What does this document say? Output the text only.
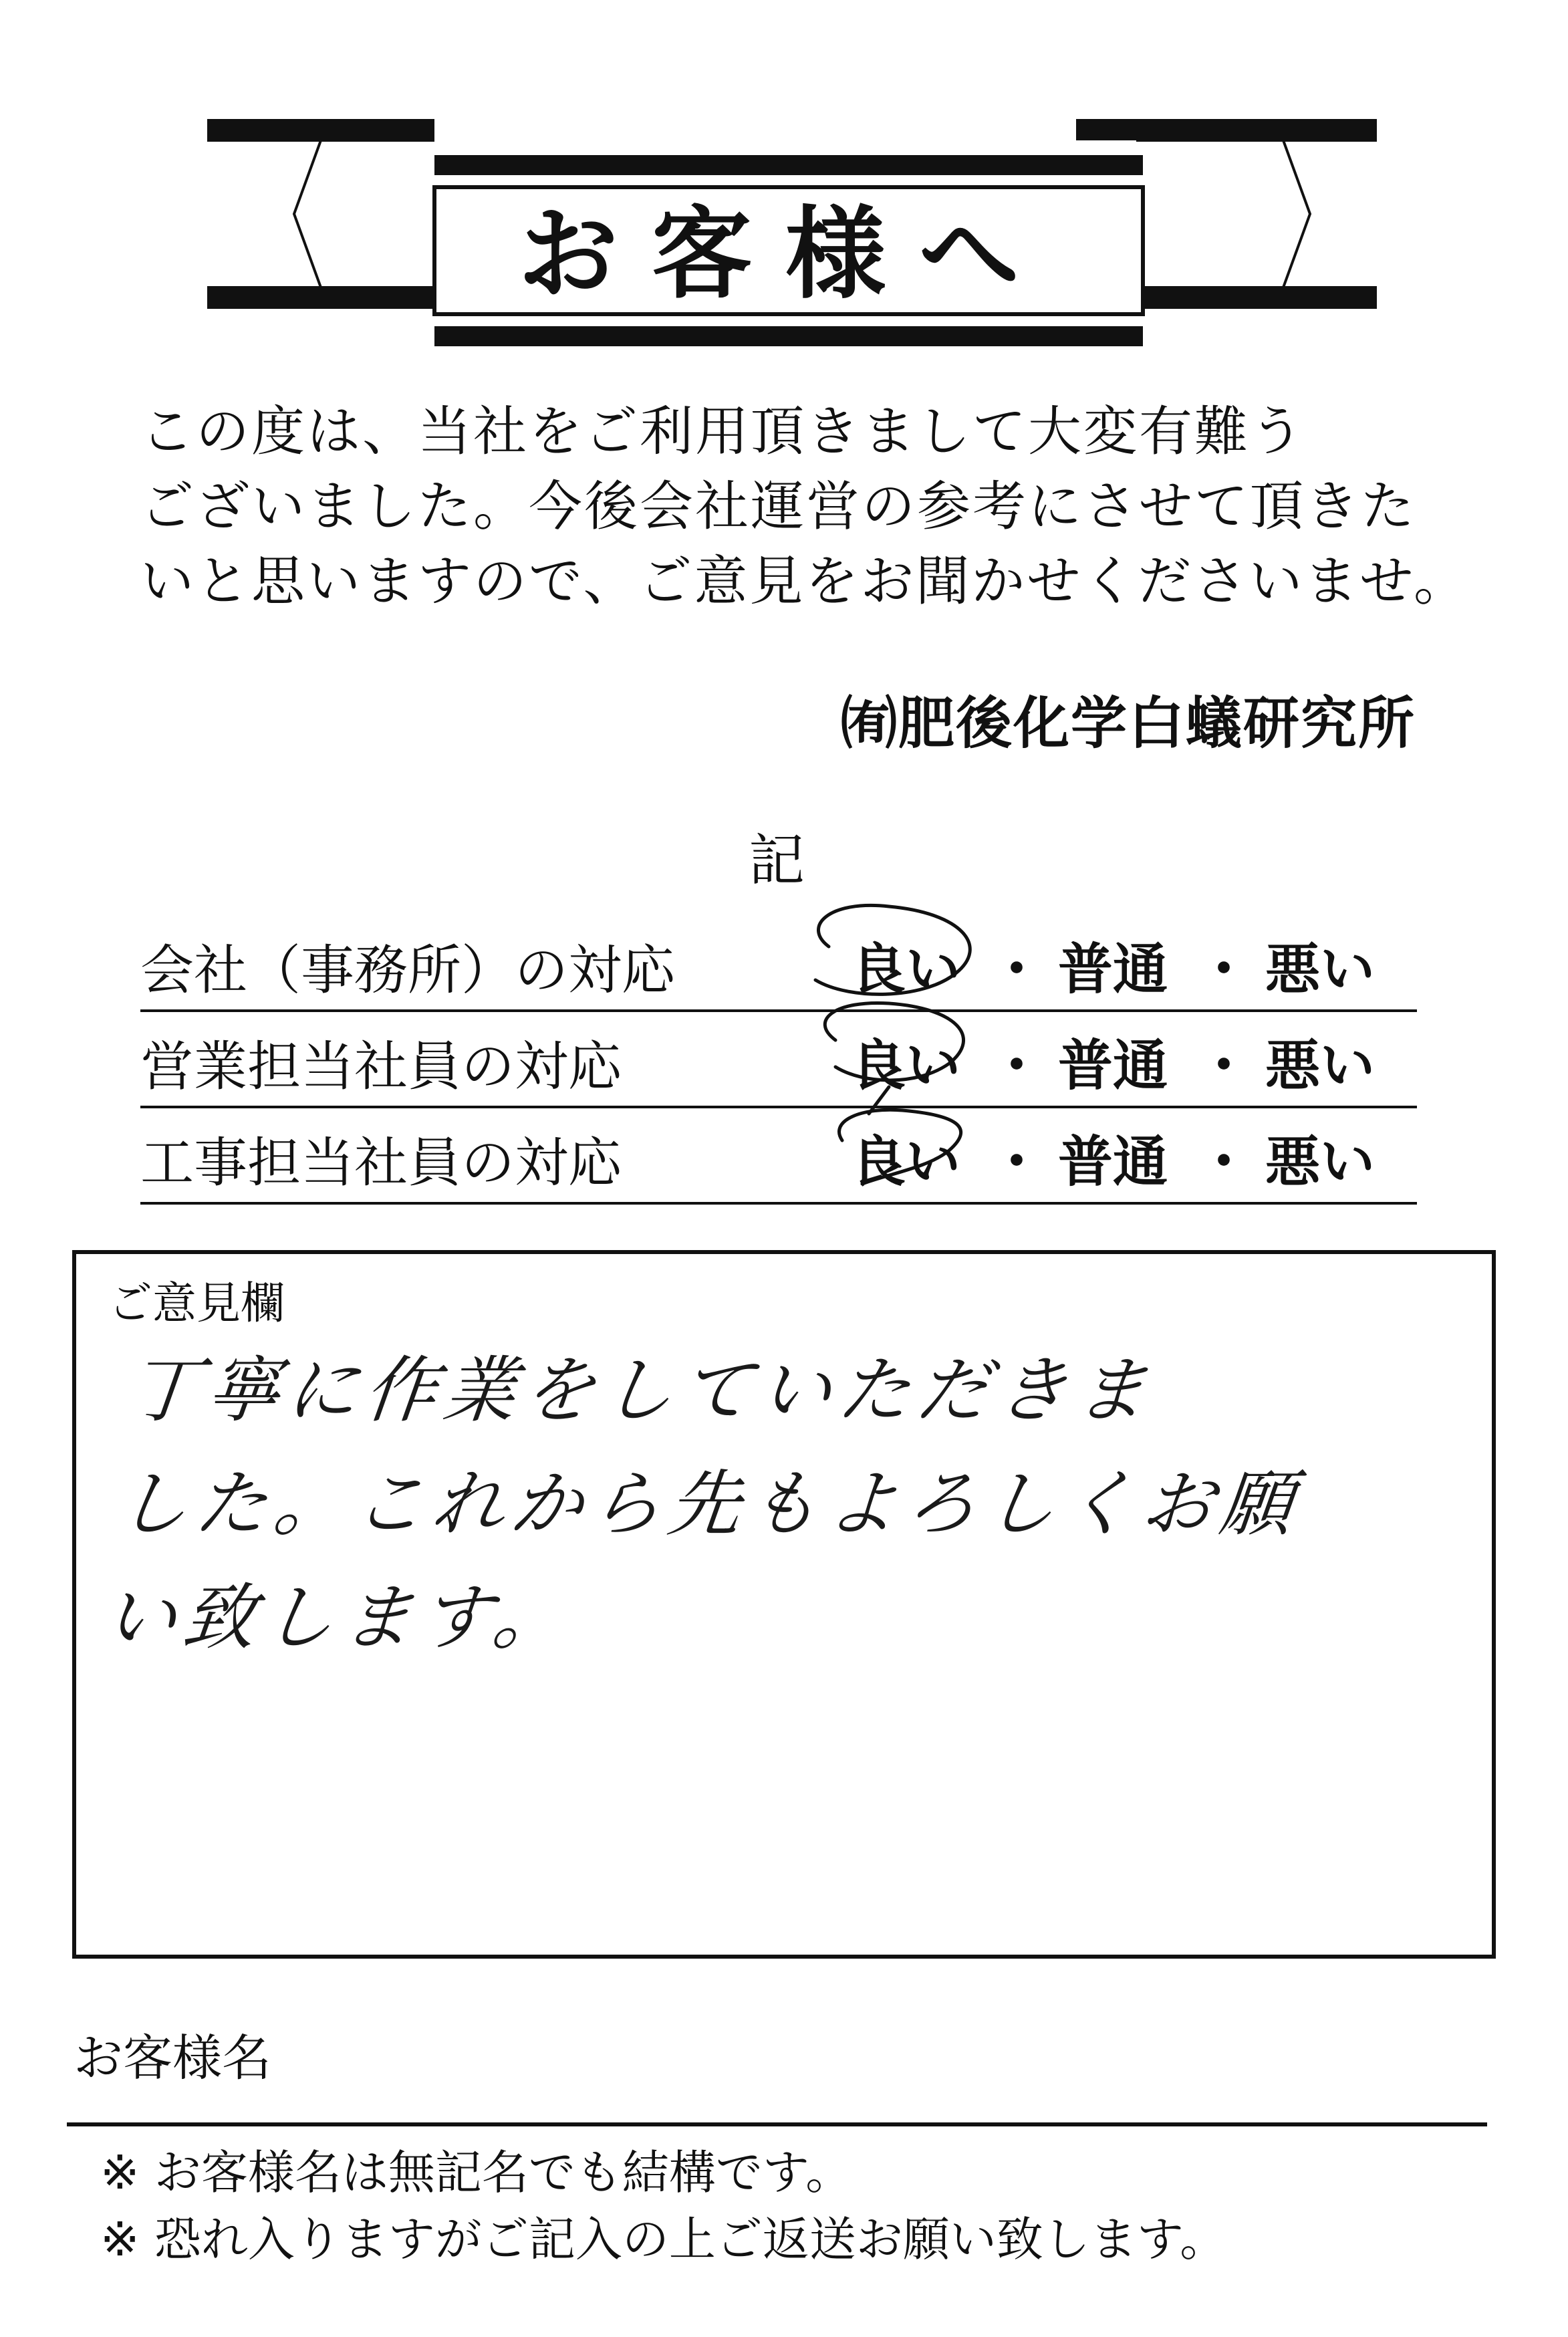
お客様へ

この度は、当社をご利用頂きまして大変有難う

ございました。今後会社運営の参考にさせて頂きた

いと思いますので、ご意見をお聞かせくださいませ。

㈲肥後化学白蟻研究所
記
会社（事務所）の対応	良い ・ 普通 ・ 悪い
営業担当社員の対応	良い ・ 普通 ・ 悪い
工事担当社員の対応	良い ・ 普通 ・ 悪い
ご意見欄

丁寧に作業をしていただきま

した。これから先もよろしくお願

い致します。

お客様名

※ お客様名は無記名でも結構です。

※ 恐れ入りますがご記入の上ご返送お願い致します。
